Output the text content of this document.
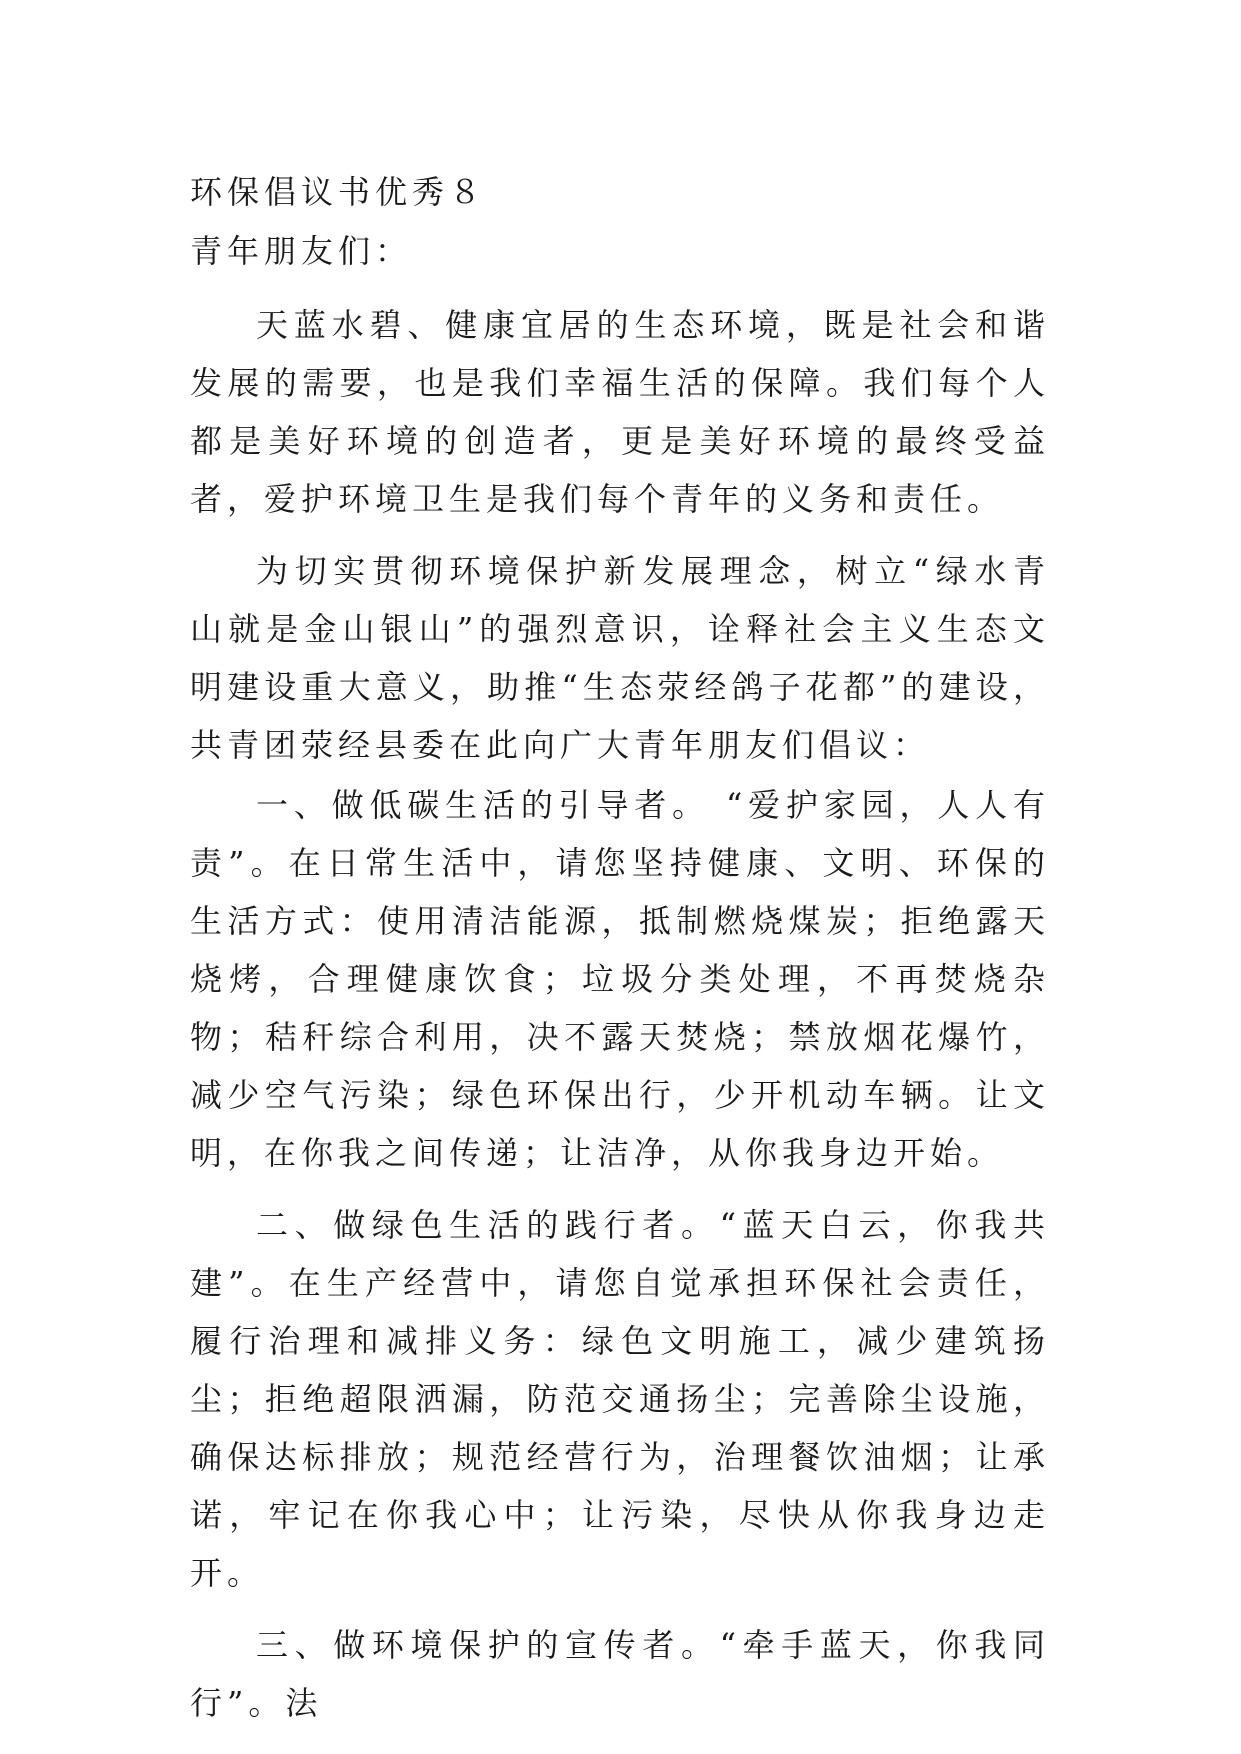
环保倡议书优秀８

青年朋友们：

天蓝水碧、健康宜居的生态环境，既是社会和谐发展的需要，也是我们幸福生活的保障。我们每个人都是美好环境的创造者，更是美好环境的最终受益者，爱护环境卫生是我们每个青年的义务和责任。

为切实贯彻环境保护新发展理念，树立“绿水青山就是金山银山”的强烈意识，诠释社会主义生态文明建设重大意义，助推“生态荥经鸽子花都”的建设，共青团荥经县委在此向广大青年朋友们倡议：

一、做低碳生活的引导者。 “爱护家园，人人有责”。在日常生活中，请您坚持健康、文明、环保的生活方式：使用清洁能源，抵制燃烧煤炭；拒绝露天烧烤，合理健康饮食；垃圾分类处理，不再焚烧杂物；秸秆综合利用，决不露天焚烧；禁放烟花爆竹，减少空气污染；绿色环保出行，少开机动车辆。让文明，在你我之间传递；让洁净，从你我身边开始。

二、做绿色生活的践行者。“蓝天白云，你我共建”。在生产经营中，请您自觉承担环保社会责任，履行治理和减排义务：绿色文明施工，减少建筑扬尘；拒绝超限洒漏，防范交通扬尘；完善除尘设施，确保达标排放；规范经营行为，治理餐饮油烟；让承诺，牢记在你我心中；让污染，尽快从你我身边走开。

三、做环境保护的宣传者。“牵手蓝天，你我同行”。法
